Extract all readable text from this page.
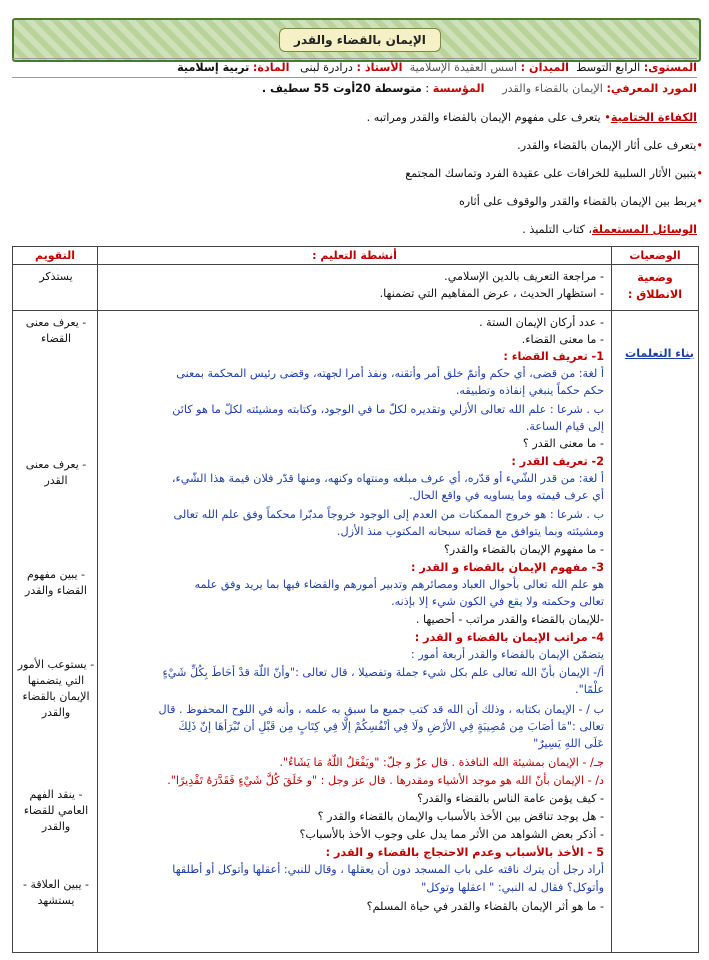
الإيمان بالقضاء والقدر
المستوى: الرابع التوسط  الميدان : أسس العقيدة الإسلامية  الأستاذ : درادرة لبنى   المادة: تربية إسلامية
المورد المعرفي: الإيمان بالقضاء والقدر     المؤسسة : متوسطة 20أوت 55 سطيف .
الكفاءة الختامية• يتعرف على مفهوم الإيمان بالقضاء والقدر ومراتبه .
•يتعرف على أثار الإيمان بالقضاء والقدر.
•يتبين الأثار السلبية للخرافات على عقيدة الفرد وتماسك المجتمع
•يربط بين الإيمان بالقضاء والقدر والوقوف على أثاره
الوسائل المستعملة، كتاب التلميذ .
الوضعيات
أنشطة التعليم :
التقويم
وضعية الانطلاق :
- مراجعة التعريف بالدين الإسلامي.
- استظهار الحديث ، عرض المفاهيم التي تضمنها.
يستذكر
بناء التعلمات
- عدد أركان الإيمان الستة .
- ما معنى القضاء.
1- تعريف القضاء :
أ لغة: من قضى، أي حكم وأتمّ خلق أمر وأتقنه، ونفذ أمرا لجهته، وقضى رئيس المحكمة بمعنى
حكم حكماً ينبغي إنفاذه وتطبيقه.
ب . شرعا : علم الله تعالى الأزلي وتقديره لكلّ ما في الوجود، وكتابته ومشيئته لكلّ ما هو كائن
إلى قيام الساعة.
- ما معنى القدر ؟
2- تعريف القدر :
أ لغة: من قدر الشّيء أو قدّره، أي عرف مبلغه ومنتهاه وكنهه، ومنها قدّر فلان قيمة هذا الشّيء،
أي عرف قيمته وما يساويه في واقع الحال.
ب . شرعا : هو خروج الممكنات من العدم إلى الوجود خروجاً مدبّرا محكماً وفق علم الله تعالى
ومشيئته وبما يتوافق مع قضائه سبحانه المكتوب منذ الأزل.
- ما مفهوم الإيمان بالقضاء والقدر؟
3- مفهوم الإيمان بالقضاء و القدر :
هو علم الله تعالى بأحوال العباد ومصائرهم وتدبير أمورهم والقضاء فيها بما يريد وفق علمه
تعالى وحكمته ولا يقع في الكون شيء إلا بإذنه.
-للإيمان بالقضاء والقدر مراتب - أحصيها .
4- مراتب الإيمان بالقضاء و القدر :
يتضمّن الإيمان بالقضاء والقدر أربعة أمور :
أ/- الإيمان بأنّ الله تعالى علم بكل شيء جملة وتفصيلا ، قال تعالى :"وأنّ اللّهَ قدْ أحَاطَ بِكُلِّ شَيْءٍ
علْمًا".
ب / - الإيمان بكتابه ، وذلك أن الله قد كتب جميع ما سبق به علمه ، وأنه في اللوح المحفوظ . قال
تعالى :"مَا أصَابَ مِن مُصِيبَةٍ فِي الأرْضِ ولَا فِي أنْفُسِكُمْ إلَّا فِي كِتَابٍ مِن قَبْلِ أن نّبْرَأهَا إنّ ذَلِكَ
عَلَى اللهِ يَسِيرٌ"
جـ/ - الإيمان بمشيئة الله النافذة . قال عزّ و جلّ: "ويَفْعَلُ اللّهُ مَا يَشَاءُ".
د/ - الإيمان بأنّ الله هو موجد الأشياء ومقدرها . قال عز وجل : "و خَلَقَ كُلَّ شَيْءٍ فَقَدَّرَهُ تَقْدِيرًا".
- كيف يؤمن عامة الناس بالقضاء والقدر؟
- هل يوجد تناقض بين الأخذ بالأسباب والإيمان بالقضاء والقدر ؟
- أذكر بعض الشواهد من الأثر مما يدل على وجوب الأخذ بالأسباب؟
5 - الأخذ بالأسباب وعدم الاحتجاج بالقضاء و القدر :
أراد رجل أن يترك ناقته على باب المسجد دون أن يعقلها ، وقال للنبي: أعقلها وأتوكل أو أطلقها
وأتوكل؟ فقال له النبي: " اعقلها وتوكل"
- ما هو أثر الإيمان بالقضاء والقدر في حياة المسلم؟
- يعرف معنى القضاء
- يعرف معنى القدر
- يبين مفهوم القضاء والقدر
- يستوعب الأمور التي يتضمنها الإيمان بالقضاء والقدر
- ينقد الفهم العامي للقضاء والقدر
- يبين العلاقة - يستشهد
